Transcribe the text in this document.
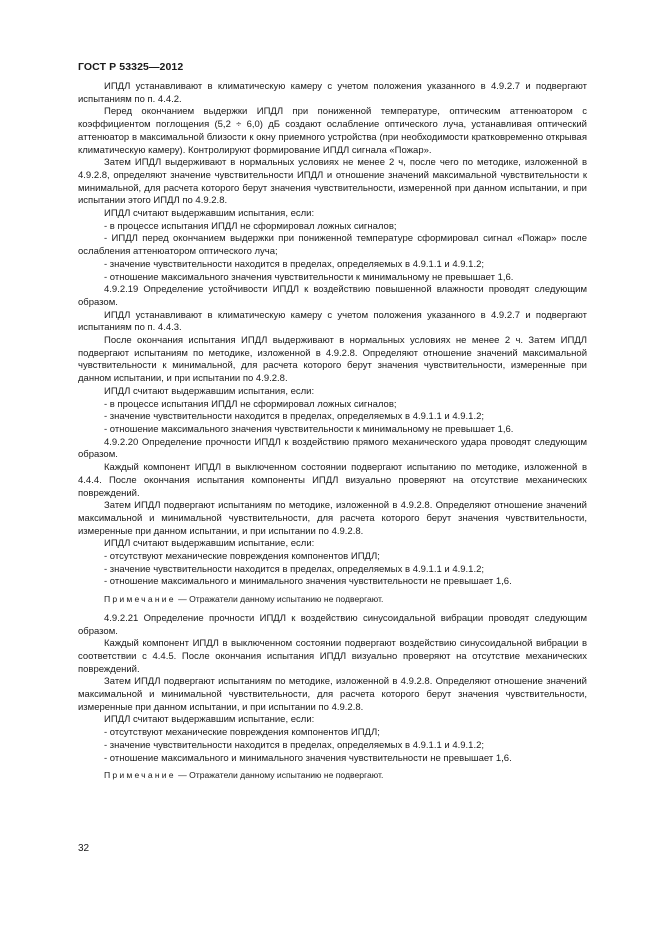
ГОСТ Р 53325—2012

ИПДЛ устанавливают в климатическую камеру с учетом положения указанного в 4.9.2.7 и подвергают испытаниям по п. 4.4.2.

Перед окончанием выдержки ИПДЛ при пониженной температуре, оптическим аттенюатором с коэффициентом поглощения (5,2 ÷ 6,0) дБ создают ослабление оптического луча, устанавливая оптический аттенюатор в максимальной близости к окну приемного устройства (при необходимости кратковременно открывая климатическую камеру). Контролируют формирование ИПДЛ сигнала «Пожар».

Затем ИПДЛ выдерживают в нормальных условиях не менее 2 ч, после чего по методике, изложенной в 4.9.2.8, определяют значение чувствительности ИПДЛ и отношение значений максимальной чувствительности к минимальной, для расчета которого берут значения чувствительности, измеренной при данном испытании, и при испытании этого ИПДЛ по 4.9.2.8.

ИПДЛ считают выдержавшим испытания, если:

- в процессе испытания ИПДЛ не сформировал ложных сигналов;

- ИПДЛ перед окончанием выдержки при пониженной температуре сформировал сигнал «Пожар» после ослабления аттенюатором оптического луча;

- значение чувствительности находится в пределах, определяемых в 4.9.1.1 и 4.9.1.2;

- отношение максимального значения чувствительности к минимальному не превышает 1,6.

4.9.2.19 Определение устойчивости ИПДЛ к воздействию повышенной влажности проводят следующим образом.

ИПДЛ устанавливают в климатическую камеру с учетом положения указанного в 4.9.2.7 и подвергают испытаниям по п. 4.4.3.

После окончания испытания ИПДЛ выдерживают в нормальных условиях не менее 2 ч. Затем ИПДЛ подвергают испытаниям по методике, изложенной в 4.9.2.8. Определяют отношение значений максимальной чувствительности к минимальной, для расчета которого берут значения чувствительности, измеренные при данном испытании, и при испытании по 4.9.2.8.

ИПДЛ считают выдержавшим испытания, если:

- в процессе испытания ИПДЛ не сформировал ложных сигналов;

- значение чувствительности находится в пределах, определяемых в 4.9.1.1 и 4.9.1.2;

- отношение максимального значения чувствительности к минимальному не превышает 1,6.

4.9.2.20 Определение прочности ИПДЛ к воздействию прямого механического удара проводят следующим образом.

Каждый компонент ИПДЛ в выключенном состоянии подвергают испытанию по методике, изложенной в 4.4.4. После окончания испытания компоненты ИПДЛ визуально проверяют на отсутствие механических повреждений.

Затем ИПДЛ подвергают испытаниям по методике, изложенной в 4.9.2.8. Определяют отношение значений максимальной и минимальной чувствительности, для расчета которого берут значения чувствительности, измеренные при данном испытании, и при испытании по 4.9.2.8.

ИПДЛ считают выдержавшим испытание, если:

- отсутствуют механические повреждения компонентов ИПДЛ;

- значение чувствительности находится в пределах, определяемых в 4.9.1.1 и 4.9.1.2;

- отношение максимального и минимального значения чувствительности не превышает 1,6.

Примечание — Отражатели данному испытанию не подвергают.

4.9.2.21 Определение прочности ИПДЛ к воздействию синусоидальной вибрации проводят следующим образом.

Каждый компонент ИПДЛ в выключенном состоянии подвергают воздействию синусоидальной вибрации в соответствии с 4.4.5. После окончания испытания ИПДЛ визуально проверяют на отсутствие механических повреждений.

Затем ИПДЛ подвергают испытаниям по методике, изложенной в 4.9.2.8. Определяют отношение значений максимальной и минимальной чувствительности, для расчета которого берут значения чувствительности, измеренные при данном испытании, и при испытании по 4.9.2.8.

ИПДЛ считают выдержавшим испытание, если:

- отсутствуют механические повреждения компонентов ИПДЛ;

- значение чувствительности находится в пределах, определяемых в 4.9.1.1 и 4.9.1.2;

- отношение максимального и минимального значения чувствительности не превышает 1,6.

Примечание — Отражатели данному испытанию не подвергают.

32
